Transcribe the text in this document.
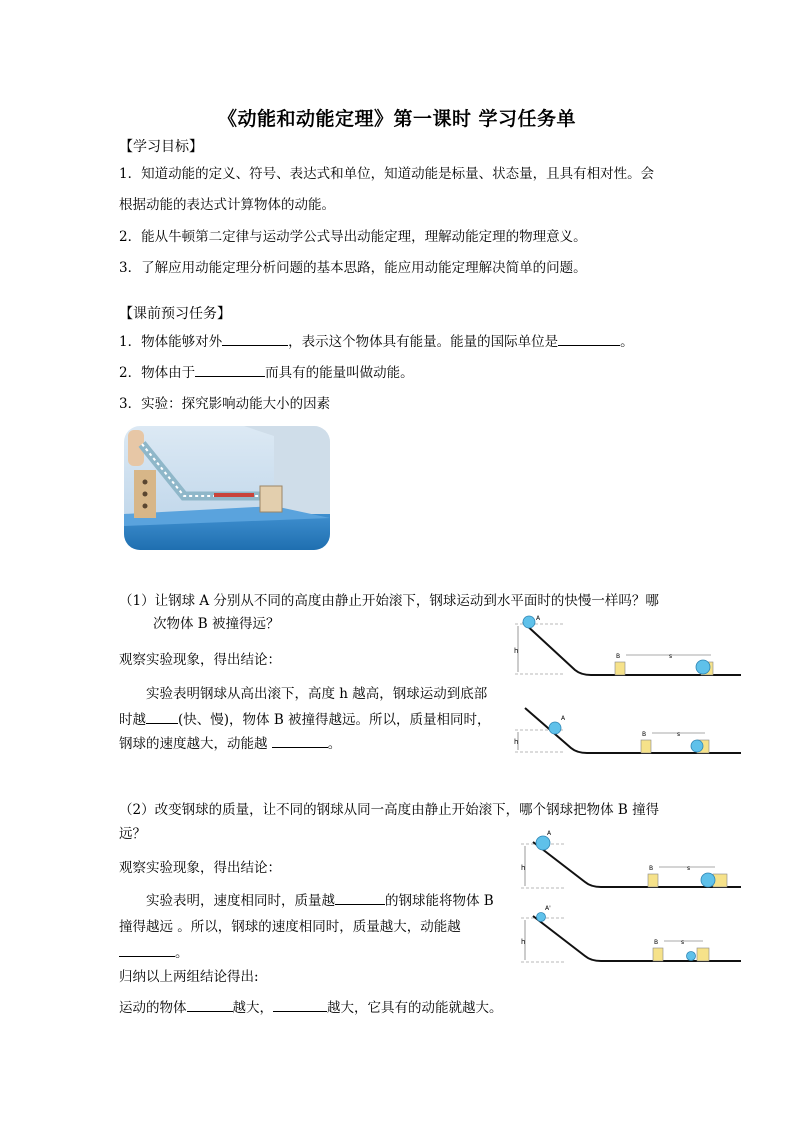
《动能和动能定理》第一课时 学习任务单
【学习目标】
1．知道动能的定义、符号、表达式和单位，知道动能是标量、状态量，且具有相对性。会
根据动能的表达式计算物体的动能。
2．能从牛顿第二定律与运动学公式导出动能定理，理解动能定理的物理意义。
3．了解应用动能定理分析问题的基本思路，能应用动能定理解决简单的问题。
【课前预习任务】
1．物体能够对外	，表示这个物体具有能量。能量的国际单位是	。
2．物体由于	而具有的能量叫做动能。
3．实验：探究影响动能大小的因素
（1）让钢球 A 分别从不同的高度由静止开始滚下，钢球运动到水平面时的快慢一样吗？哪
次物体 B 被撞得远？
观察实验现象，得出结论：
实验表明钢球从高出滚下，高度 h 越高，钢球运动到底部
时越 (快、慢)，物体 B 被撞得越远。所以，质量相同时，
钢球的速度越大，动能越	。
h
A
B	s
h
A
B	s
（2）改变钢球的质量，让不同的钢球从同一高度由静止开始滚下，哪个钢球把物体 B 撞得
远？
观察实验现象，得出结论：
实验表明，速度相同时，质量越	的钢球能将物体 B
撞得越远 。所以，钢球的速度相同时，质量越大，动能越
。
归纳以上两组结论得出:
运动的物体	越大，	越大，它具有的动能就越大。
h
A
B	s
h
A'
B	s
